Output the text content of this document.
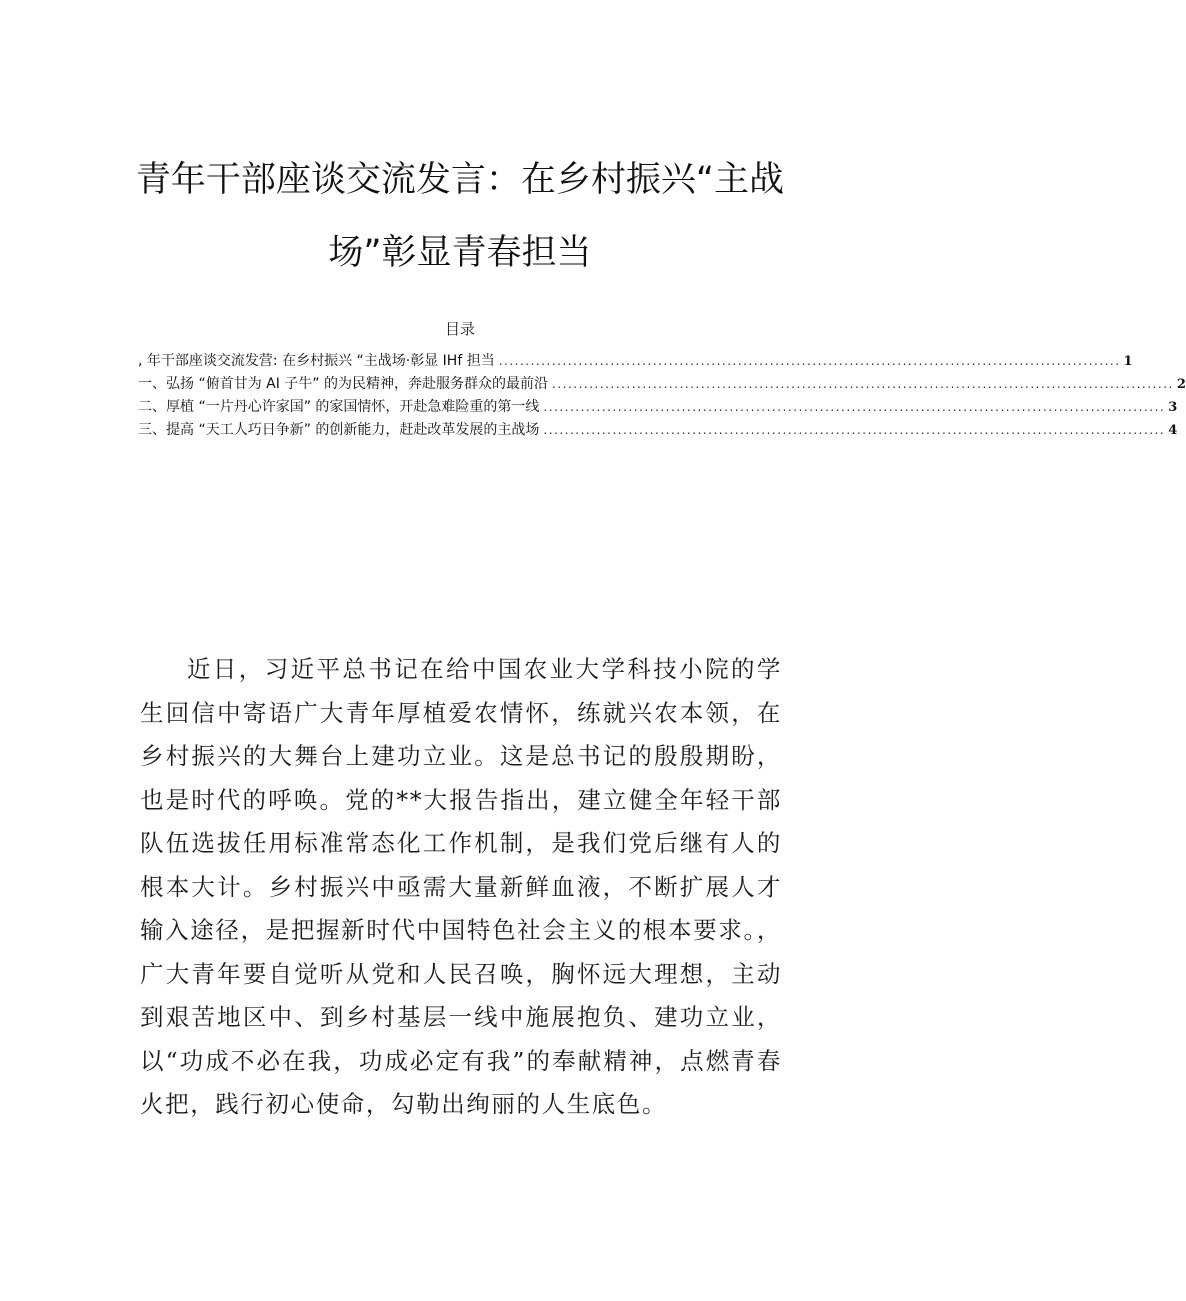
青年干部座谈交流发言：在乡村振兴“主战
场”彰显青春担当
目录
, 年干部座谈交流发营: 在乡村振兴 “主战场·彰显 IHf 担当 ..................................................................................................................... 1
一、弘扬 “俯首甘为 AI 子牛” 的为民精神，奔赴服务群众的最前沿 ..................................................................................................................... 2
二、厚植 “一片丹心许家国” 的家国情怀，开赴急难险重的第一线 ..................................................................................................................... 3
三、提高 “天工人巧日争新” 的创新能力，赶赴改革发展的主战场 ..................................................................................................................... 4

近日，习近平总书记在给中国农业大学科技小院的学生回信中寄语广大青年厚植爱农情怀，练就兴农本领，在乡村振兴的大舞台上建功立业。这是总书记的殷殷期盼，也是时代的呼唤。党的**大报告指出，建立健全年轻干部队伍选拔任用标准常态化工作机制，是我们党后继有人的根本大计。乡村振兴中亟需大量新鲜血液，不断扩展人才输入途径，是把握新时代中国特色社会主义的根本要求。，广大青年要自觉听从党和人民召唤，胸怀远大理想，主动到艰苦地区中、到乡村基层一线中施展抱负、建功立业，以“功成不必在我，功成必定有我”的奉献精神，点燃青春火把，践行初心使命，勾勒出绚丽的人生底色。
